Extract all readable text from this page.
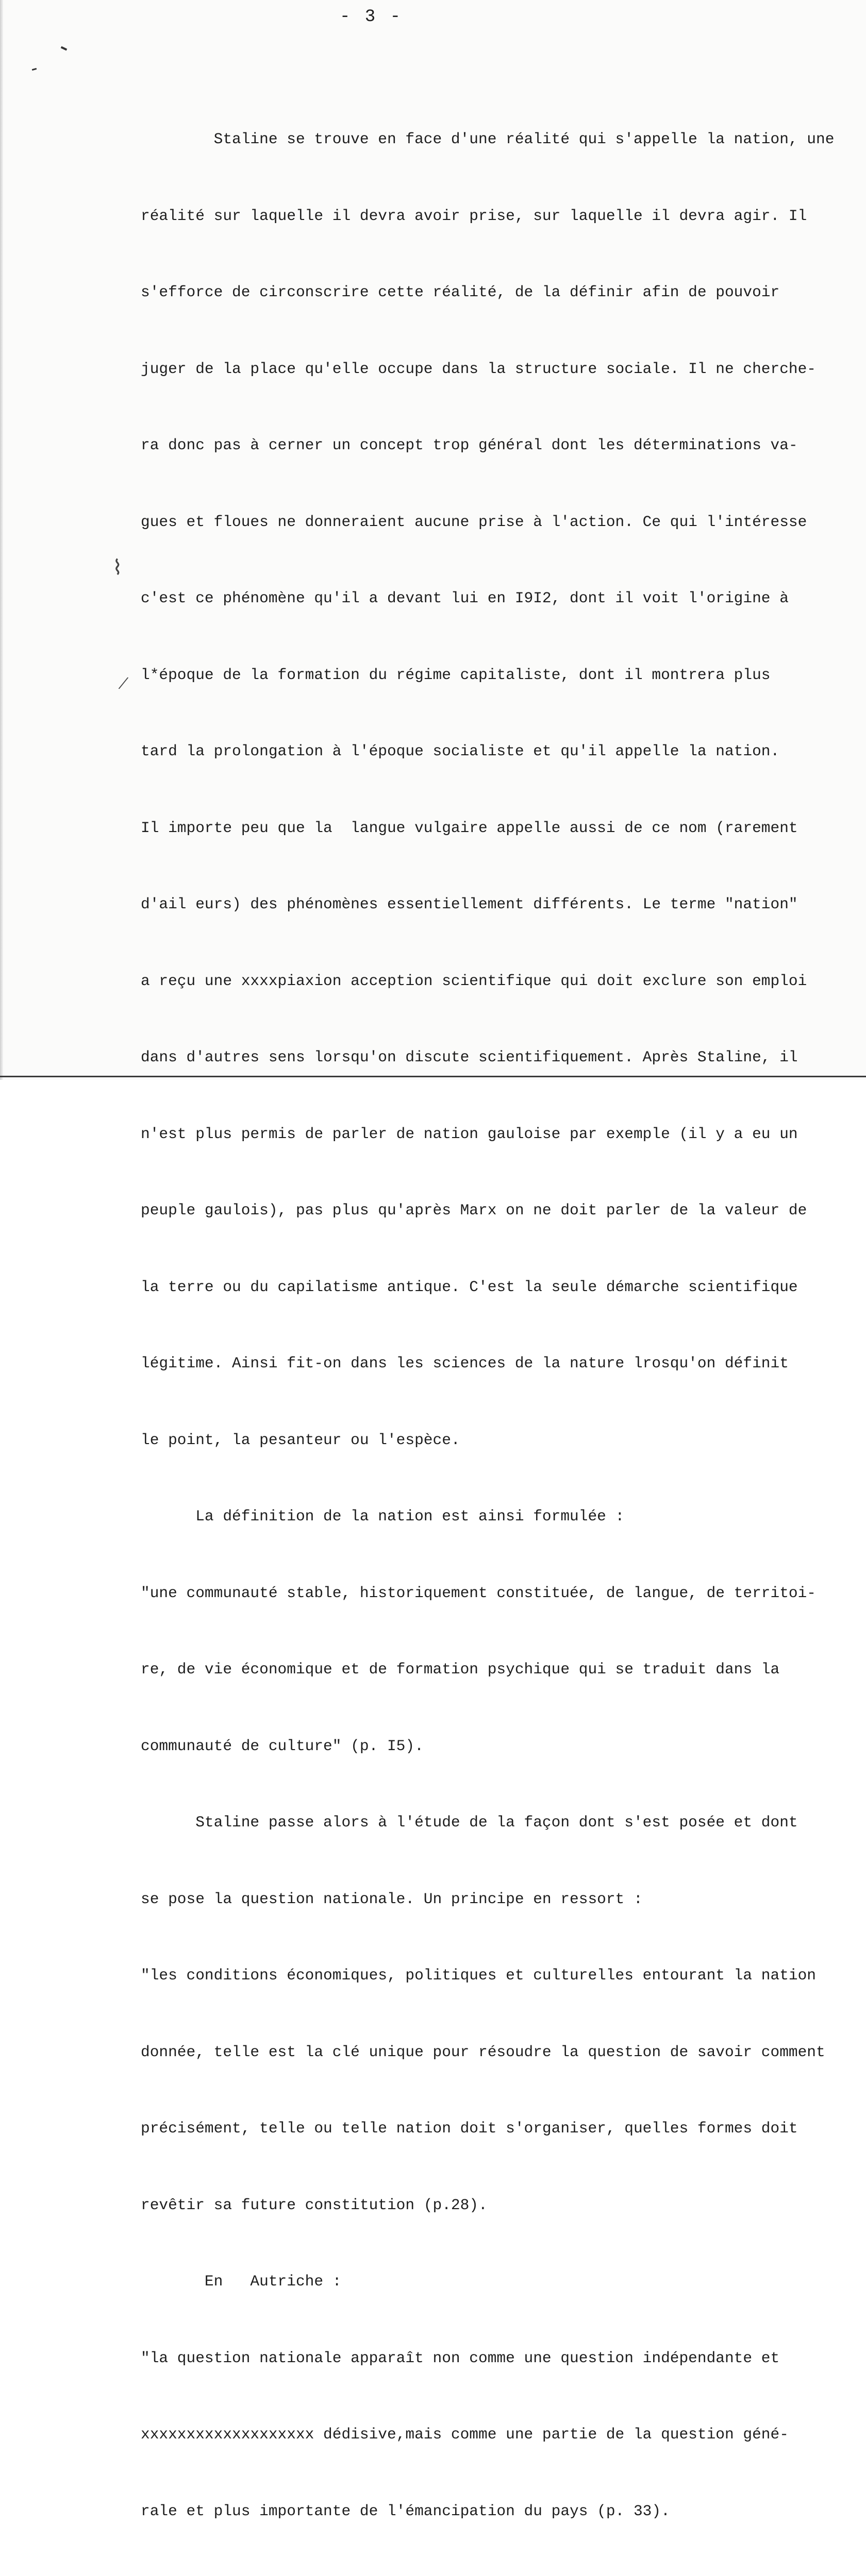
- 3 -
⌇
/

Staline se trouve en face d'une réalité qui s'appelle la nation, une

réalité sur laquelle il devra avoir prise, sur laquelle il devra agir. Il

s'efforce de circonscrire cette réalité, de la définir afin de pouvoir

juger de la place qu'elle occupe dans la structure sociale. Il ne cherche-

ra donc pas à cerner un concept trop général dont les déterminations va-

gues et floues ne donneraient aucune prise à l'action. Ce qui l'intéresse

c'est ce phénomène qu'il a devant lui en I9I2, dont il voit l'origine à

l*époque de la formation du régime capitaliste, dont il montrera plus

tard la prolongation à l'époque socialiste et qu'il appelle la nation.

Il importe peu que la  langue vulgaire appelle aussi de ce nom (rarement

d'ail eurs) des phénomènes essentiellement différents. Le terme "nation"

a reçu une xxxxpiaxion acception scientifique qui doit exclure son emploi

dans d'autres sens lorsqu'on discute scientifiquement. Après Staline, il

n'est plus permis de parler de nation gauloise par exemple (il y a eu un

peuple gaulois), pas plus qu'après Marx on ne doit parler de la valeur de

la terre ou du capilatisme antique. C'est la seule démarche scientifique

légitime. Ainsi fit-on dans les sciences de la nature lrosqu'on définit

le point, la pesanteur ou l'espèce.

La définition de la nation est ainsi formulée :

"une communauté stable, historiquement constituée, de langue, de territoi-

re, de vie économique et de formation psychique qui se traduit dans la

communauté de culture" (p. I5).

Staline passe alors à l'étude de la façon dont s'est posée et dont

se pose la question nationale. Un principe en ressort :

"les conditions économiques, politiques et culturelles entourant la nation

donnée, telle est la clé unique pour résoudre la question de savoir comment

précisément, telle ou telle nation doit s'organiser, quelles formes doit

revêtir sa future constitution (p.28).

En   Autriche :

"la question nationale apparaît non comme une question indépendante et

xxxxxxxxxxxxxxxxxxx dédisive,mais comme une partie de la question géné-

rale et plus importante de l'émancipation du pays (p. 33).
